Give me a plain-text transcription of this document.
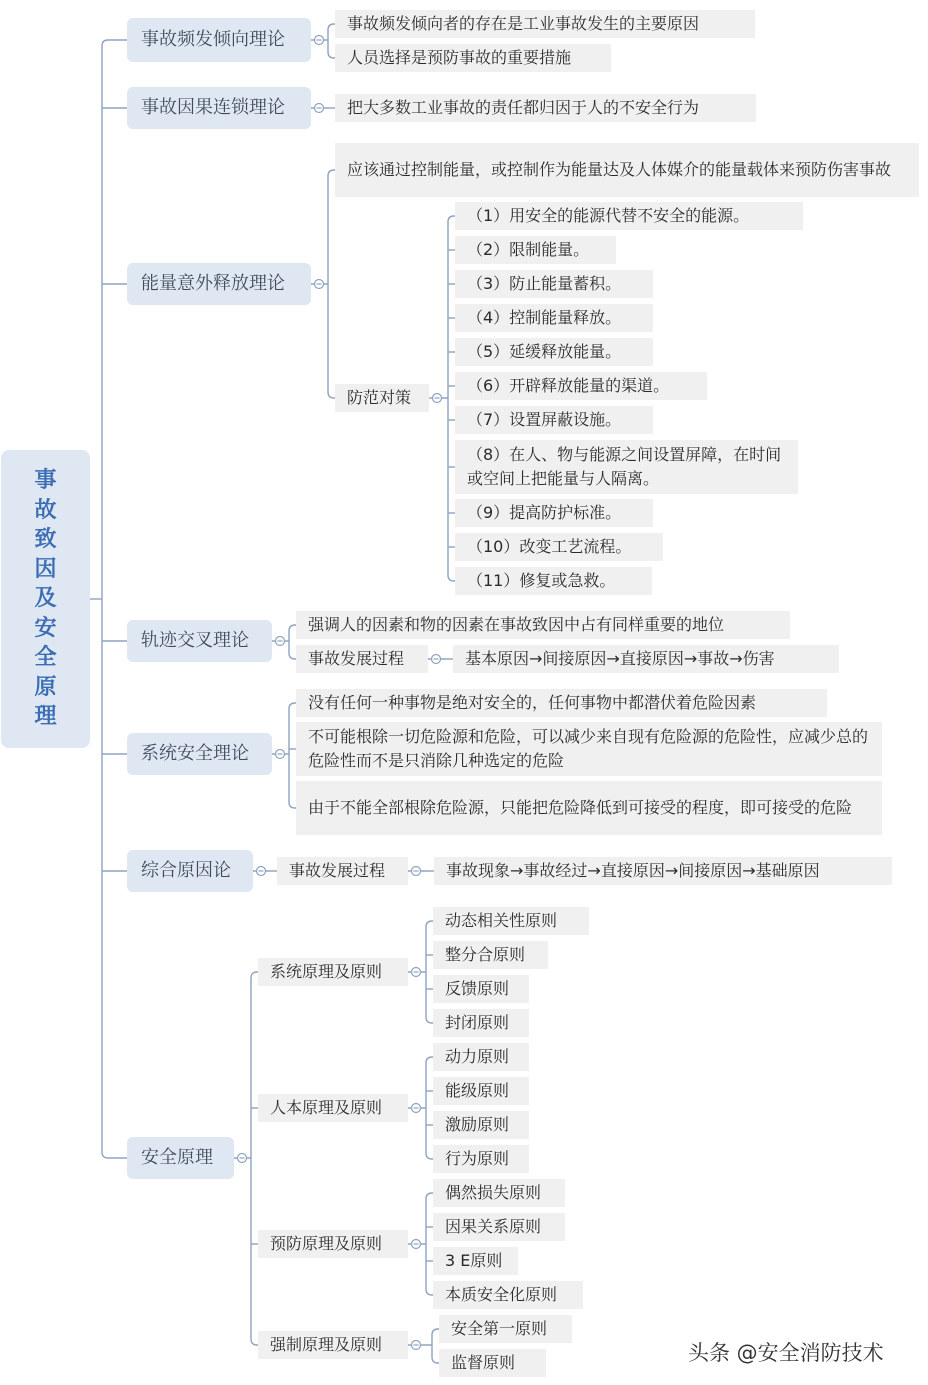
事故致因及安全原理
事故频发倾向理论
事故频发倾向者的存在是工业事故发生的主要原因
人员选择是预防事故的重要措施
事故因果连锁理论	把大多数工业事故的责任都归因于人的不安全行为
能量意外释放理论
应该通过控制能量，或控制作为能量达及人体媒介的能量载体来预防伤害事故
防范对策
（1）用安全的能源代替不安全的能源。
（2）限制能量。
（3）防止能量蓄积。
（4）控制能量释放。
（5）延缓释放能量。
（6）开辟释放能量的渠道。
（7）设置屏蔽设施。
（8）在人、物与能源之间设置屏障，在时间或空间上把能量与人隔离。
（9）提高防护标准。
（10）改变工艺流程。
（11）修复或急救。
轨迹交叉理论
强调人的因素和物的因素在事故致因中占有同样重要的地位
事故发展过程	基本原因→间接原因→直接原因→事故→伤害
系统安全理论
没有任何一种事物是绝对安全的，任何事物中都潜伏着危险因素
不可能根除一切危险源和危险，可以减少来自现有危险源的危险性，应减少总的危险性而不是只消除几种选定的危险
由于不能全部根除危险源，只能把危险降低到可接受的程度，即可接受的危险
综合原因论	事故发展过程	事故现象→事故经过→直接原因→间接原因→基础原因
安全原理
系统原理及原则
人本原理及原则
预防原理及原则
强制原理及原则
动态相关性原则
整分合原则
反馈原则
封闭原则
动力原则
能级原则
激励原则
行为原则
偶然损失原则
因果关系原则
3 E原则
本质安全化原则
安全第一原则
监督原则	头条 @安全消防技术
